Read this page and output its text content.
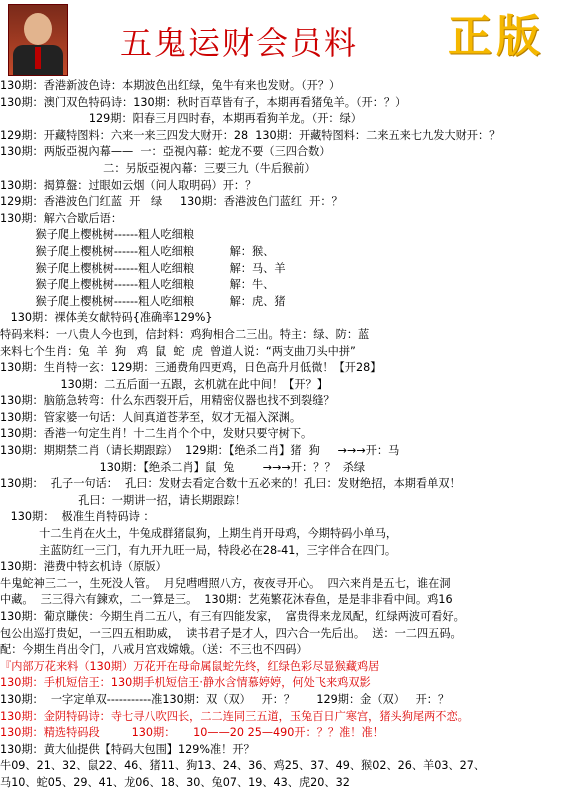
五鬼运财会员料 正版
130期：香港新波色诗：本期波色出红绿，兔牛有来也发财。（开？）
130期：澳门双色特码诗：130期：秋时百草皆有子，本期再看猪兔羊。（开：？）
129期：阳春三月四时春，本期再看狗羊龙。（开：绿）
129期：开藏特图料：六来一来三四发大财开：28  130期：开藏特图料：二来五来七九发大财开：？
130期：两版亞視內幕——  一：亞視內幕：蛇龙不要（三四合数）
二：另版亞視內幕：三要三九（牛后猴前）
130期：揭算盤：过眼如云烟（问人取明码）开：？
129期：香港波色门红蓝  开   绿     130期：香港波色门蓝红  开：？
130期：解六合歇后语：
猴子爬上樱桃树------粗人吃细粮
猴子爬上樱桃树------粗人吃细粮          解：猴、
猴子爬上樱桃树------粗人吃细粮          解：马、羊
猴子爬上樱桃树------粗人吃细粮          解：牛、
猴子爬上樱桃树------粗人吃细粮          解：虎、猪
130期：裸体美女献特码{准确率129%}
特码来料：一八贵人今也到，信封料：鸡狗相合二三出。特主：绿、防：蓝
来料七个生肖：兔  羊  狗   鸡  鼠  蛇  虎  曾道人说：“两支曲刀头中拼”
130期：生肖特一玄：129期：三通费角四更鸡，日色高升月低微！【开28】
130期：二五后面一五跟，玄机就在此中间！【开？】
130期：脑筋急转弯：什么东西裂开后，用精密仪器也找不到裂缝？
130期：管家婆一句话：人间真道苍茅至，奴才无福入深渊。
130期：香港一句定生肖！十二生肖个个中，发财只要守树下。
130期：期期禁二肖（请长期跟踪）  129期：【绝杀二肖】猪  狗     →→→开：马
130期：【绝杀二肖】鼠  兔        →→→开：？？  杀绿
130期：  孔子一句话：  孔曰：发财去看定合数十五必来的！孔曰：发财绝招，本期看单双！
孔曰：一期讲一招，请长期跟踪！
130期：  极准生肖特码诗 ：
十二生肖在火土，牛兔成群猪鼠狗，上期生肖开母鸡，今期特码小单马，
主蓝防红一三门，有九开九旺一局，特段必在28-41，三字伴合在四门。
130期：港费中特玄机诗（原版）
牛鬼蛇神三二一，生死没人管。  月兒嘒嘒照八方，夜夜寻开心。  四六来肖是五七，谁在洞
中藏。  三三得六有鍊欢，二一算是三。  130期：艺苑繁花沐春鱼，是是非非看中间。鸡16
130期：葡京賺侠：今期生肖二五八，有三有四能发家，  富贵得来龙凤配，红绿两波可看好。
包公出巡打贵妃，一三四五相助威，  读书君子是才人，四六合一先后出。  送：一二四五码。
配：今期生肖出令门，八戒月宫戏嫦娥。（送：不三也不四码）
『内部万花来料（130期）万花开在母命属鼠蛇先终，红绿色彩尽显猴藏鸡居
130期：手机短信王：130期手机短信王·静水含情慕婷婷，何处飞来鸡双影
130期：  一字定单双-----------准130期：双（双）   开：？      129期：金（双）   开：？
130期：金阴特码诗：寺七寻八吹四长，二二连同三五道，玉兔百日广寒宫，猪头狗尾两不恋。
130期：精选特码段         130期：     10——20 25—490开：？？准！准！
130期：黄大仙提供【特码大包围】129%准！开？
牛09、21、32、鼠22、46、猪11、狗13、24、36、鸡25、37、49、猴02、26、羊03、27、
马10、蛇05、29、41、龙06、18、30、兔07、19、43、虎20、32
